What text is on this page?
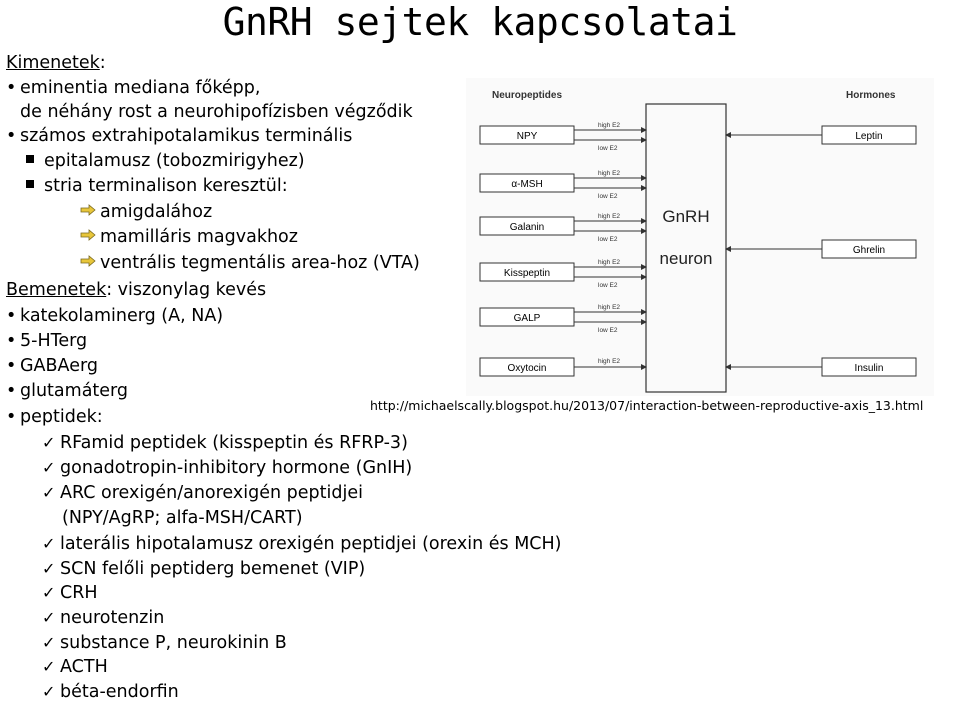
GnRH sejtek kapcsolatai
Kimenetek:
• eminentia mediana főképp,
de néhány rost a neurohipofízisben végződik
• számos extrahipotalamikus terminális
epitalamusz (tobozmirigyhez)
stria terminalison keresztül:
amigdalához
mamilláris magvakhoz
ventrális tegmentális area-hoz (VTA)
Bemenetek: viszonylag kevés
• katekolaminerg (A, NA)
• 5-HTerg
• GABAerg
• glutamáterg
• peptidek:
✓ RFamid peptidek (kisspeptin és RFRP-3)
✓ gonadotropin-inhibitory hormone (GnIH)
✓ ARC orexigén/anorexigén peptidjei
(NPY/AgRP; alfa-MSH/CART)
✓ laterális hipotalamusz orexigén peptidjei (orexin és MCH)
✓ SCN felőli peptiderg bemenet (VIP)
✓ CRH
✓ neurotenzin
✓ substance P, neurokinin B
✓ ACTH
✓ béta-endorfin
http://michaelscally.blogspot.hu/2013/07/interaction-between-reproductive-axis_13.html
Neuropeptides	Hormones
GnRH
neuron
NPY
α-MSH
Galanin
Kisspeptin
GALP
Oxytocin
Leptin
Ghrelin
Insulin
high E2
low E2
high E2
low E2
high E2
low E2
high E2
low E2
high E2
low E2
high E2
